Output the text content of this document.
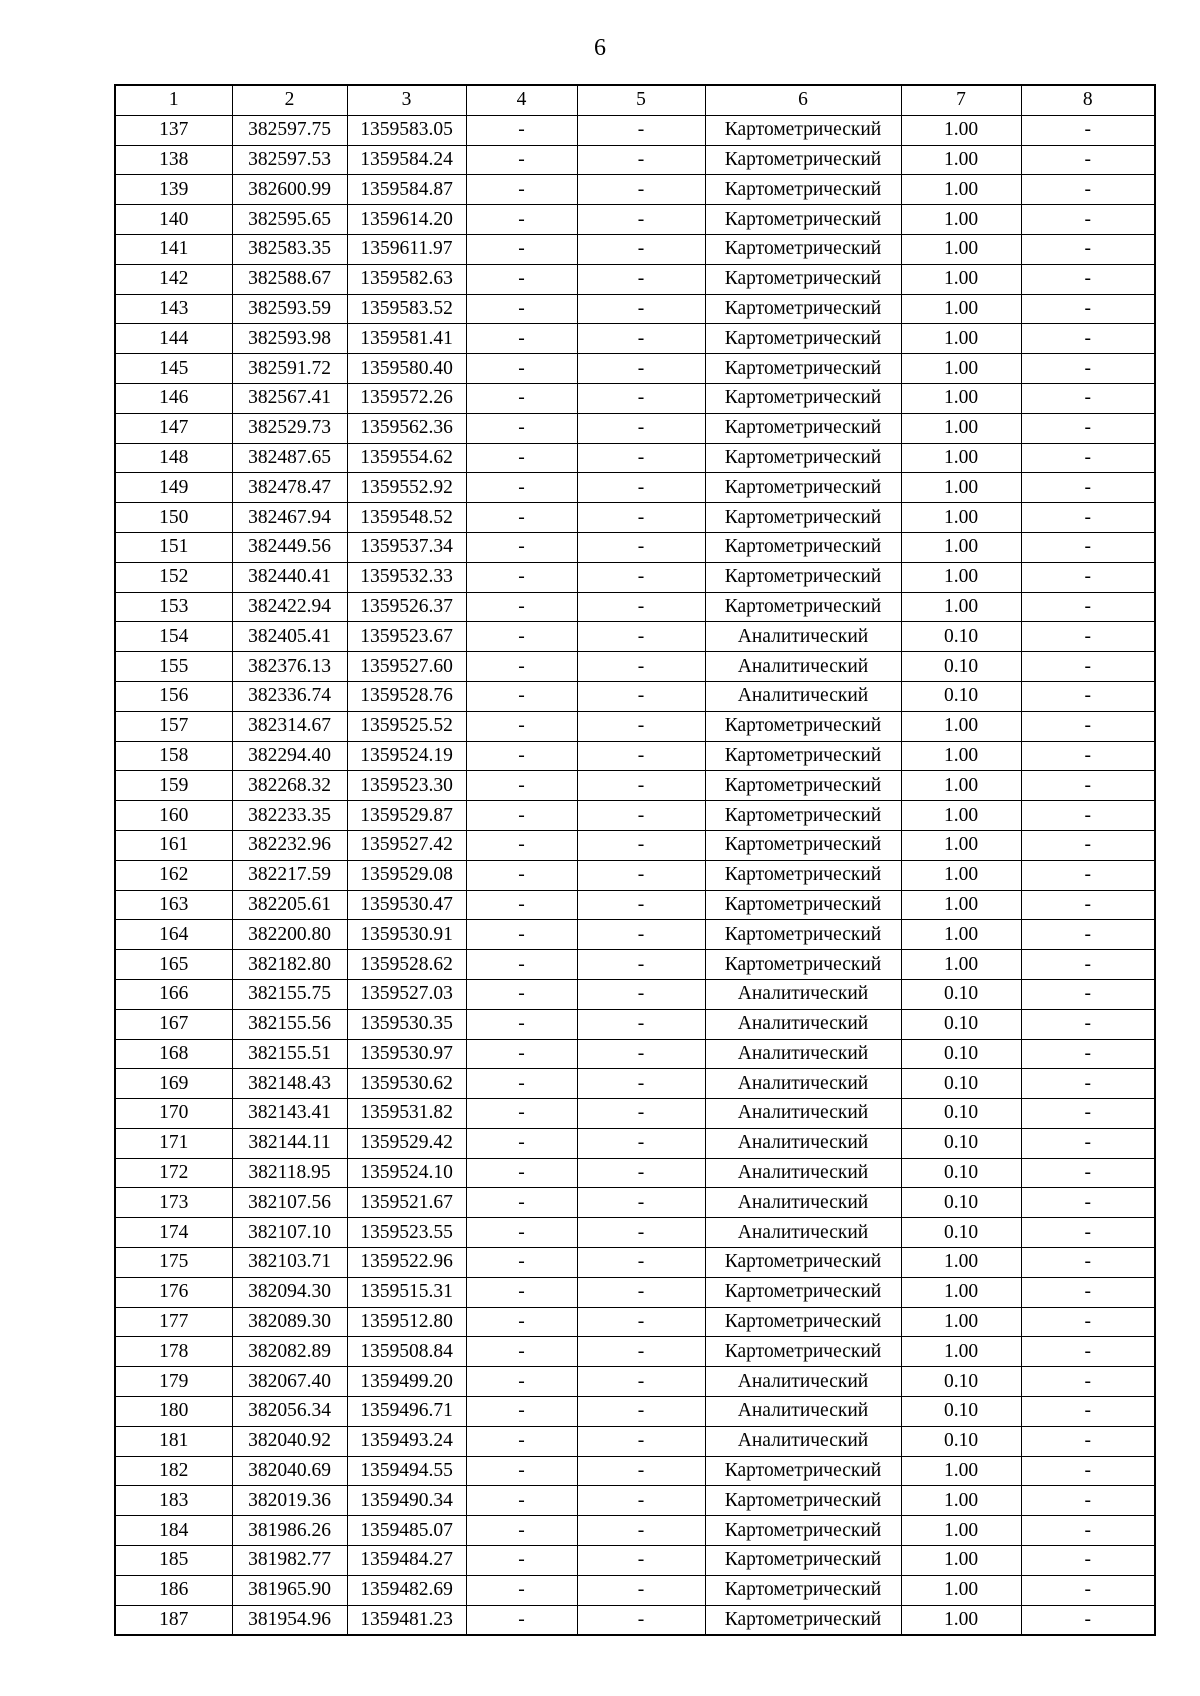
6
1	2	3	4	5	6	7	8
137	382597.75	1359583.05	-	-	Картометрический	1.00	-
138	382597.53	1359584.24	-	-	Картометрический	1.00	-
139	382600.99	1359584.87	-	-	Картометрический	1.00	-
140	382595.65	1359614.20	-	-	Картометрический	1.00	-
141	382583.35	1359611.97	-	-	Картометрический	1.00	-
142	382588.67	1359582.63	-	-	Картометрический	1.00	-
143	382593.59	1359583.52	-	-	Картометрический	1.00	-
144	382593.98	1359581.41	-	-	Картометрический	1.00	-
145	382591.72	1359580.40	-	-	Картометрический	1.00	-
146	382567.41	1359572.26	-	-	Картометрический	1.00	-
147	382529.73	1359562.36	-	-	Картометрический	1.00	-
148	382487.65	1359554.62	-	-	Картометрический	1.00	-
149	382478.47	1359552.92	-	-	Картометрический	1.00	-
150	382467.94	1359548.52	-	-	Картометрический	1.00	-
151	382449.56	1359537.34	-	-	Картометрический	1.00	-
152	382440.41	1359532.33	-	-	Картометрический	1.00	-
153	382422.94	1359526.37	-	-	Картометрический	1.00	-
154	382405.41	1359523.67	-	-	Аналитический	0.10	-
155	382376.13	1359527.60	-	-	Аналитический	0.10	-
156	382336.74	1359528.76	-	-	Аналитический	0.10	-
157	382314.67	1359525.52	-	-	Картометрический	1.00	-
158	382294.40	1359524.19	-	-	Картометрический	1.00	-
159	382268.32	1359523.30	-	-	Картометрический	1.00	-
160	382233.35	1359529.87	-	-	Картометрический	1.00	-
161	382232.96	1359527.42	-	-	Картометрический	1.00	-
162	382217.59	1359529.08	-	-	Картометрический	1.00	-
163	382205.61	1359530.47	-	-	Картометрический	1.00	-
164	382200.80	1359530.91	-	-	Картометрический	1.00	-
165	382182.80	1359528.62	-	-	Картометрический	1.00	-
166	382155.75	1359527.03	-	-	Аналитический	0.10	-
167	382155.56	1359530.35	-	-	Аналитический	0.10	-
168	382155.51	1359530.97	-	-	Аналитический	0.10	-
169	382148.43	1359530.62	-	-	Аналитический	0.10	-
170	382143.41	1359531.82	-	-	Аналитический	0.10	-
171	382144.11	1359529.42	-	-	Аналитический	0.10	-
172	382118.95	1359524.10	-	-	Аналитический	0.10	-
173	382107.56	1359521.67	-	-	Аналитический	0.10	-
174	382107.10	1359523.55	-	-	Аналитический	0.10	-
175	382103.71	1359522.96	-	-	Картометрический	1.00	-
176	382094.30	1359515.31	-	-	Картометрический	1.00	-
177	382089.30	1359512.80	-	-	Картометрический	1.00	-
178	382082.89	1359508.84	-	-	Картометрический	1.00	-
179	382067.40	1359499.20	-	-	Аналитический	0.10	-
180	382056.34	1359496.71	-	-	Аналитический	0.10	-
181	382040.92	1359493.24	-	-	Аналитический	0.10	-
182	382040.69	1359494.55	-	-	Картометрический	1.00	-
183	382019.36	1359490.34	-	-	Картометрический	1.00	-
184	381986.26	1359485.07	-	-	Картометрический	1.00	-
185	381982.77	1359484.27	-	-	Картометрический	1.00	-
186	381965.90	1359482.69	-	-	Картометрический	1.00	-
187	381954.96	1359481.23	-	-	Картометрический	1.00	-
